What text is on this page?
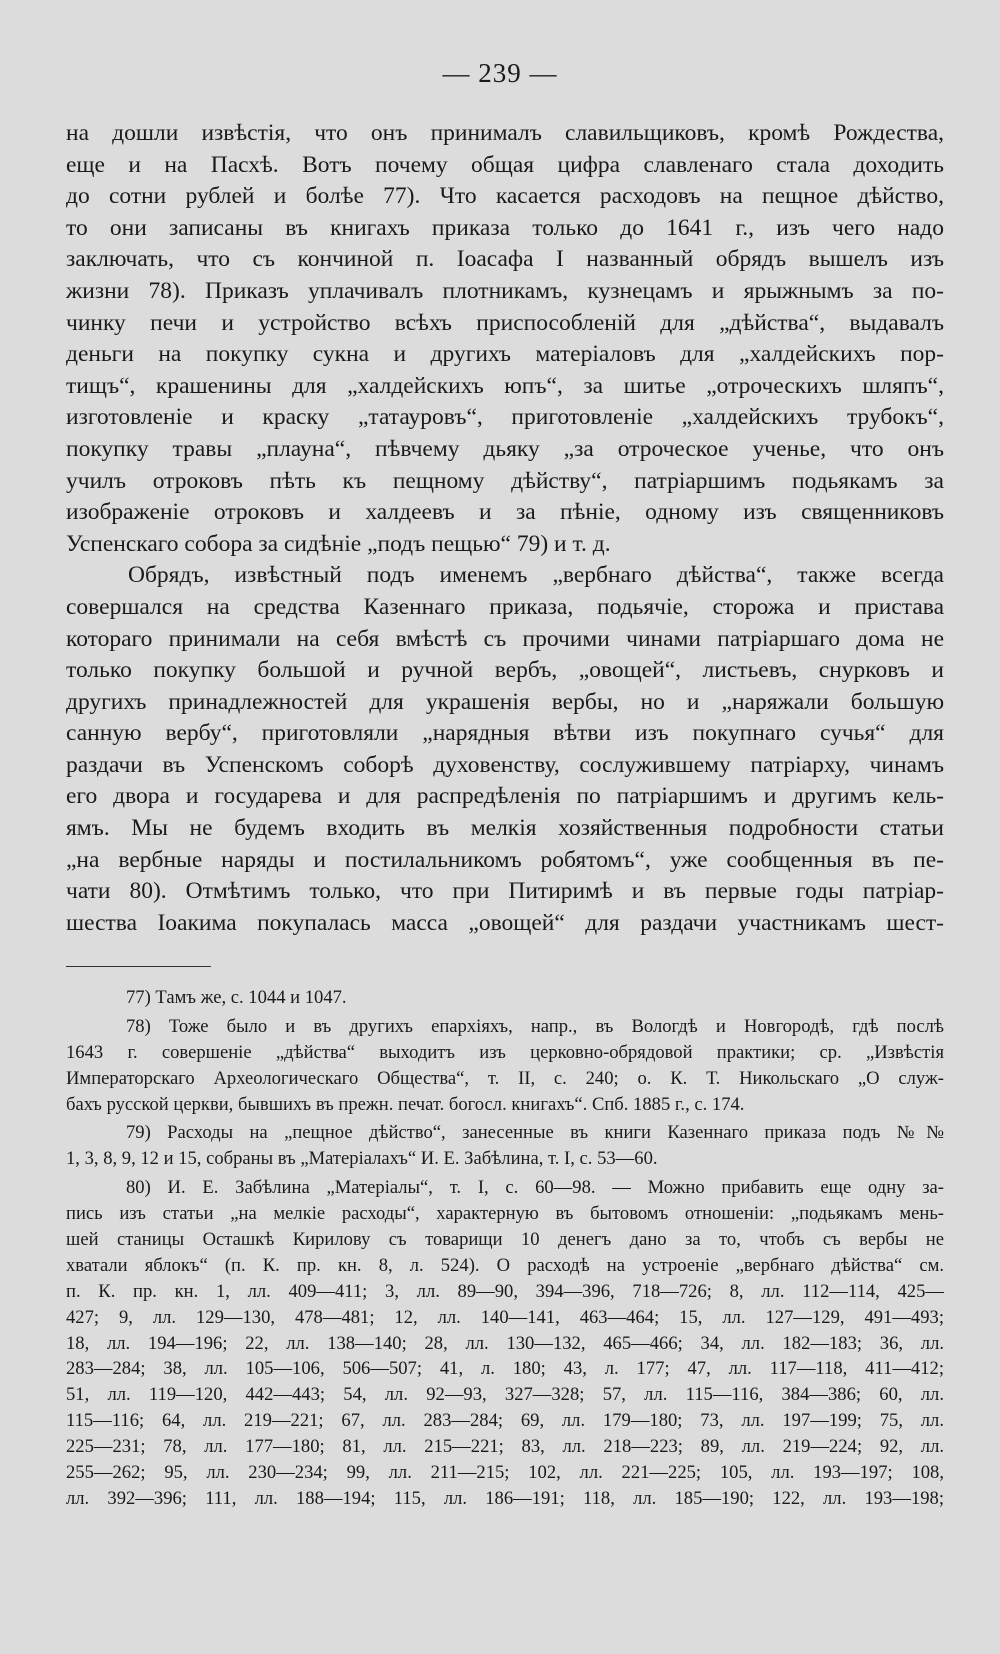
— 239 —
на дошли извѣстія, что онъ принималъ славильщиковъ, кромѣ Рождества,
еще и на Пасхѣ. Вотъ почему общая цифра славленаго стала доходить
до сотни рублей и болѣе 77). Что касается расходовъ на пещное дѣйство,
то они записаны въ книгахъ приказа только до 1641 г., изъ чего надо
заключать, что съ кончиной п. Іоасафа I названный обрядъ вышелъ изъ
жизни 78). Приказъ уплачивалъ плотникамъ, кузнецамъ и ярыжнымъ за по-
чинку печи и устройство всѣхъ приспособленій для „дѣйства“, выдавалъ
деньги на покупку сукна и другихъ матеріаловъ для „халдейскихъ пор-
тищъ“, крашенины для „халдейскихъ юпъ“, за шитье „отроческихъ шляпъ“,
изготовленіе и краску „татауровъ“, приготовленіе „халдейскихъ трубокъ“,
покупку травы „плауна“, пѣвчему дьяку „за отроческое ученье, что онъ
училъ отроковъ пѣть къ пещному дѣйству“, патріаршимъ подьякамъ за
изображеніе отроковъ и халдеевъ и за пѣніе, одному изъ священниковъ
Успенскаго собора за сидѣніе „подъ пещью“ 79) и т. д.
Обрядъ, извѣстный подъ именемъ „вербнаго дѣйства“, также всегда
совершался на средства Казеннаго приказа, подьячіе, сторожа и пристава
котораго принимали на себя вмѣстѣ съ прочими чинами патріаршаго дома не
только покупку большой и ручной вербъ, „овощей“, листьевъ, снурковъ и
другихъ принадлежностей для украшенія вербы, но и „наряжали большую
санную вербу“, приготовляли „нарядныя вѣтви изъ покупнаго сучья“ для
раздачи въ Успенскомъ соборѣ духовенству, сослужившему патріарху, чинамъ
его двора и государева и для распредѣленія по патріаршимъ и другимъ кель-
ямъ. Мы не будемъ входить въ мелкія хозяйственныя подробности статьи
„на вербные наряды и постилальникомъ робятомъ“, уже сообщенныя въ пе-
чати 80). Отмѣтимъ только, что при Питиримѣ и въ первые годы патріар-
шества Іоакима покупалась масса „овощей“ для раздачи участникамъ шест-
77) Тамъ же, с. 1044 и 1047.
78) Тоже было и въ другихъ епархіяхъ, напр., въ Вологдѣ и Новгородѣ, гдѣ послѣ
1643 г. совершеніе „дѣйства“ выходитъ изъ церковно-обрядовой практики; ср. „Извѣстія
Императорскаго Археологическаго Общества“, т. II, с. 240; о. К. Т. Никольскаго „О служ-
бахъ русской церкви, бывшихъ въ прежн. печат. богосл. книгахъ“. Спб. 1885 г., с. 174.
79) Расходы на „пещное дѣйство“, занесенные въ книги Казеннаго приказа подъ №№
1, 3, 8, 9, 12 и 15, собраны въ „Матеріалахъ“ И. Е. Забѣлина, т. I, с. 53—60.
80) И. Е. Забѣлина „Матеріалы“, т. I, с. 60—98. — Можно прибавить еще одну за-
пись изъ статьи „на мелкіе расходы“, характерную въ бытовомъ отношеніи: „подьякамъ мень-
шей станицы Осташкѣ Кирилову съ товарищи 10 денегъ дано за то, чтобъ съ вербы не
хватали яблокъ“ (п. К. пр. кн. 8, л. 524). О расходѣ на устроеніе „вербнаго дѣйства“ см.
п. К. пр. кн. 1, лл. 409—411; 3, лл. 89—90, 394—396, 718—726; 8, лл. 112—114, 425—
427; 9, лл. 129—130, 478—481; 12, лл. 140—141, 463—464; 15, лл. 127—129, 491—493;
18, лл. 194—196; 22, лл. 138—140; 28, лл. 130—132, 465—466; 34, лл. 182—183; 36, лл.
283—284; 38, лл. 105—106, 506—507; 41, л. 180; 43, л. 177; 47, лл. 117—118, 411—412;
51, лл. 119—120, 442—443; 54, лл. 92—93, 327—328; 57, лл. 115—116, 384—386; 60, лл.
115—116; 64, лл. 219—221; 67, лл. 283—284; 69, лл. 179—180; 73, лл. 197—199; 75, лл.
225—231; 78, лл. 177—180; 81, лл. 215—221; 83, лл. 218—223; 89, лл. 219—224; 92, лл.
255—262; 95, лл. 230—234; 99, лл. 211—215; 102, лл. 221—225; 105, лл. 193—197; 108,
лл. 392—396; 111, лл. 188—194; 115, лл. 186—191; 118, лл. 185—190; 122, лл. 193—198;
